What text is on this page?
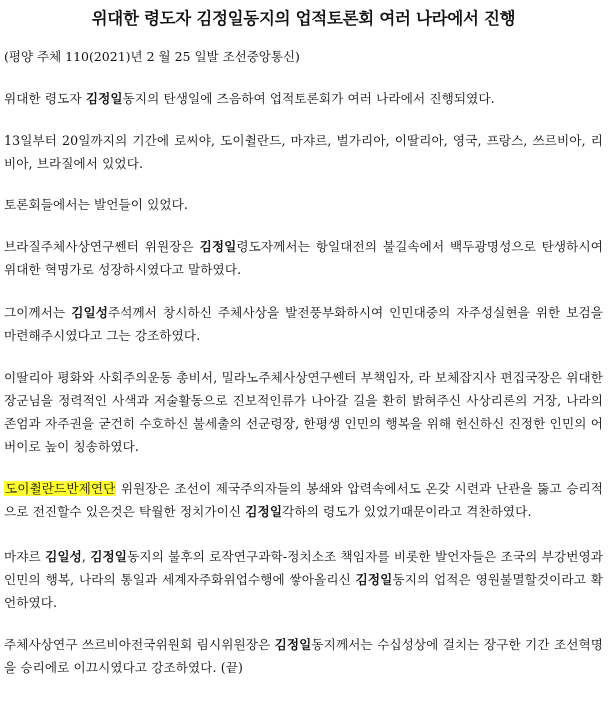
위대한 령도자 김정일동지의 업적토론회 여러 나라에서 진행

(평양 주체 110(2021)년 2 월 25 일발 조선중앙통신)

위대한 령도자 김정일동지의 탄생일에 즈음하여 업적토론회가 여러 나라에서 진행되였다.

13일부터 20일까지의 기간에 로씨야, 도이췰란드, 마쟈르, 벌가리아, 이딸리아, 영국, 프랑스, 쓰르비아, 리비아, 브라질에서 있었다.

토론회들에서는 발언들이 있었다.

브라질주체사상연구쎈터 위원장은 김정일령도자께서는 항일대전의 불길속에서 백두광명성으로 탄생하시여 위대한 혁명가로 성장하시였다고 말하였다.

그이께서는 김일성주석께서 창시하신 주체사상을 발전풍부화하시여 인민대중의 자주성실현을 위한 보검을 마련해주시였다고 그는 강조하였다.

이딸리아 평화와 사회주의운동 총비서, 밀라노주체사상연구쎈터 부책임자, 라 보체잡지사 편집국장은 위대한 장군님을 정력적인 사색과 저술활동으로 진보적인류가 나아갈 길을 환히 밝혀주신 사상리론의 거장, 나라의 존엄과 자주권을 굳건히 수호하신 불세출의 선군령장, 한평생 인민의 행복을 위해 헌신하신 진정한 인민의 어버이로 높이 칭송하였다.

도이췰란드반제연단 위원장은 조선이 제국주의자들의 봉쇄와 압력속에서도 온갖 시련과 난관을 뚫고 승리적으로 전진할수 있은것은 탁월한 정치가이신 김정일각하의 령도가 있었기때문이라고 격찬하였다.

마쟈르 김일성, 김정일동지의 불후의 로작연구과학-정치소조 책임자를 비롯한 발언자들은 조국의 부강번영과 인민의 행복, 나라의 통일과 세계자주화위업수행에 쌓아올리신 김정일동지의 업적은 영원불멸할것이라고 확언하였다.

주체사상연구 쓰르비아전국위원회 림시위원장은 김정일동지께서는 수십성상에 걸치는 장구한 기간 조선혁명을 승리에로 이끄시였다고 강조하였다. (끝)
